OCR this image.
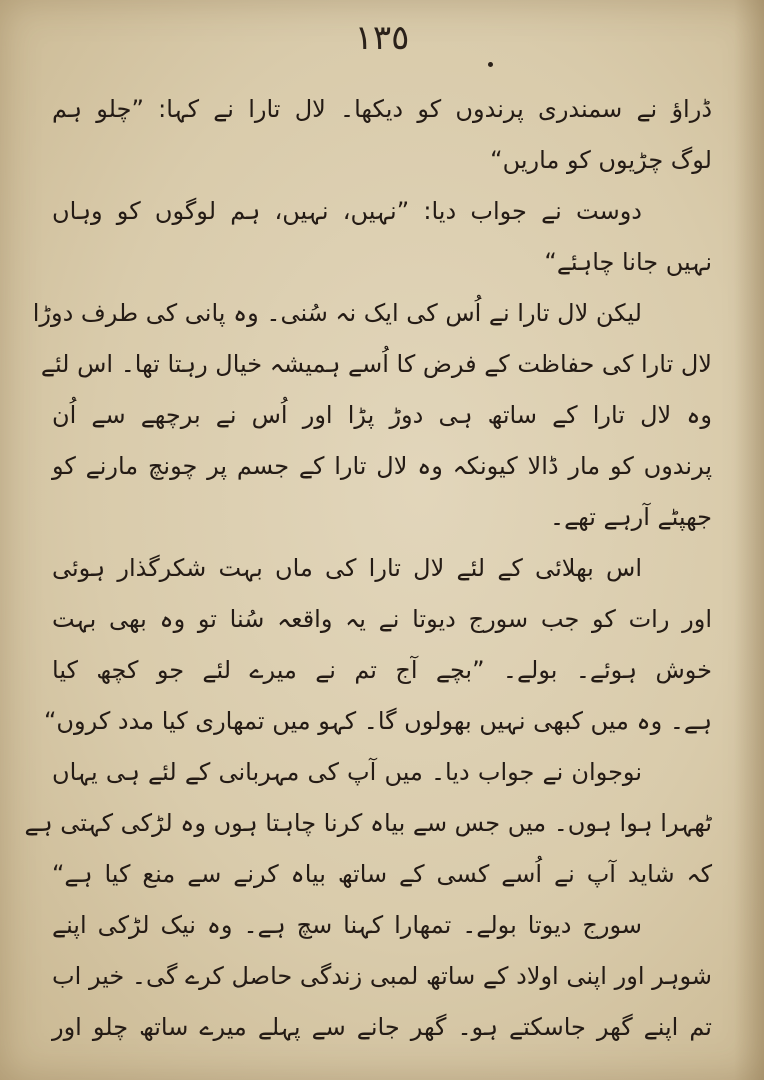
١٣٥
ڈراؤ نے سمندری پرندوں کو دیکھا۔ لال تارا نے کہا: ”چلو ہم
لوگ چڑیوں کو ماریں“
دوست نے جواب دیا: ”نہیں، نہیں، ہم لوگوں کو وہاں
نہیں جانا چاہئے“
لیکن لال تارا نے اُس کی ایک نہ سُنی۔ وہ پانی کی طرف دوڑا
لال تارا کی حفاظت کے فرض کا اُسے ہمیشہ خیال رہتا تھا۔ اس لئے
وہ لال تارا کے ساتھ ہی دوڑ پڑا اور اُس نے برچھے سے اُن
پرندوں کو مار ڈالا کیونکہ وہ لال تارا کے جسم پر چونچ مارنے کو
جھپٹے آرہے تھے۔
اس بھلائی کے لئے لال تارا کی ماں بہت شکرگذار ہوئی
اور رات کو جب سورج دیوتا نے یہ واقعہ سُنا تو وہ بھی بہت
خوش ہوئے۔ بولے۔ ”بچے آج تم نے میرے لئے جو کچھ کیا
ہے۔ وہ میں کبھی نہیں بھولوں گا۔ کہو میں تمھاری کیا مدد کروں“
نوجوان نے جواب دیا۔ میں آپ کی مہربانی کے لئے ہی یہاں
ٹھہرا ہوا ہوں۔ میں جس سے بیاہ کرنا چاہتا ہوں وہ لڑکی کہتی ہے
کہ شاید آپ نے اُسے کسی کے ساتھ بیاہ کرنے سے منع کیا ہے“
سورج دیوتا بولے۔ تمھارا کہنا سچ ہے۔ وہ نیک لڑکی اپنے
شوہر اور اپنی اولاد کے ساتھ لمبی زندگی حاصل کرے گی۔ خیر اب
تم اپنے گھر جاسکتے ہو۔ گھر جانے سے پہلے میرے ساتھ چلو اور
